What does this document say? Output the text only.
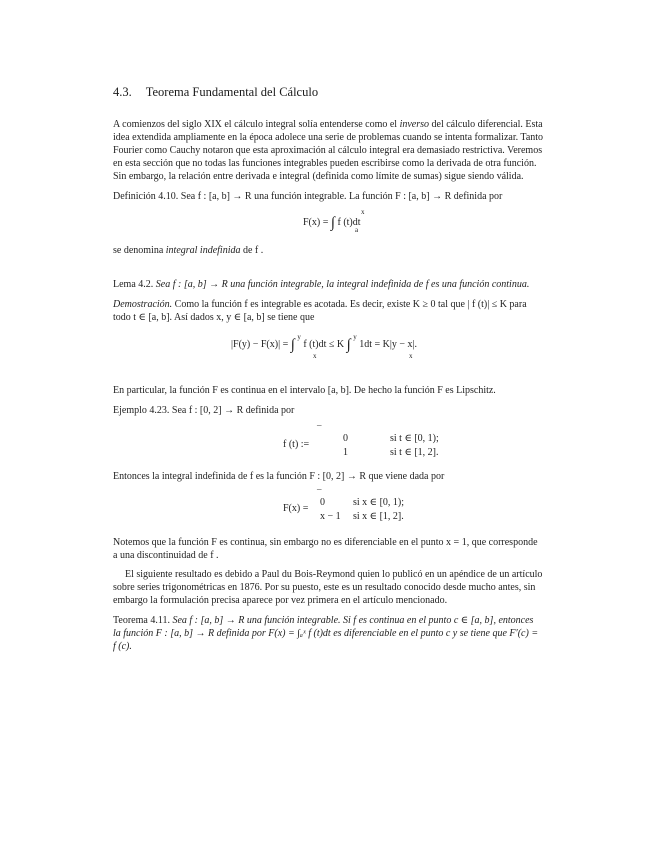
4.3. Teorema Fundamental del Cálculo
A comienzos del siglo XIX el cálculo integral solía entenderse como el inverso del cálculo diferencial. Esta
idea extendida ampliamente en la época adolece una serie de problemas cuando se intenta formalizar. Tanto
Fourier como Cauchy notaron que esta aproximación al cálculo integral era demasiado restrictiva. Veremos
en esta sección que no todas las funciones integrables pueden escribirse como la derivada de otra función.
Sin embargo, la relación entre derivada e integral (definida como límite de sumas) sigue siendo válida.
Definición 4.10. Sea f : [a, b] → R una función integrable. La función F : [a, b] → R definida por
F(x) = ∫
x
a
f (t)dt
se denomina integral indefinida de f .
Lema 4.2. Sea f : [a, b] → R una función integrable, la integral indefinida de f es una función continua.
Demostración. Como la función f es integrable es acotada. Es decir, existe K ≥ 0 tal que | f (t)| ≤ K para
todo t ∈ [a, b]. Así dados x, y ∈ [a, b] se tiene que
|F(y) − F(x)| = ∫ $^y$ f (t)dt ≤ K ∫ $^y$ 1dt = K|y − x|.
x	x
En particular, la función F es continua en el intervalo [a, b]. De hecho la función F es Lipschitz.
Ejemplo 4.23. Sea f : [0, 2] → R definida por
f (t) :=
¯
0	si t ∈ [0, 1);
1	si t ∈ [1, 2].
Entonces la integral indefinida de f es la función F : [0, 2] → R que viene dada por
F(x) =
¯
0	si x ∈ [0, 1);
x − 1 si x ∈ [1, 2].
Notemos que la función F es continua, sin embargo no es diferenciable en el punto x = 1, que corresponde
a una discontinuidad de f .
El siguiente resultado es debido a Paul du Bois-Reymond quien lo publicó en un apéndice de un artículo
sobre series trigonométricas en 1876. Por su puesto, este es un resultado conocido desde mucho antes, sin
embargo la formulación precisa aparece por vez primera en el artículo mencionado.
Teorema 4.11. Sea f : [a, b] → R una función integrable. Si f es continua en el punto c ∈ [a, b], entonces
la función F : [a, b] → R definida por F(x) = ∫ₐˣ f (t)dt es diferenciable en el punto c y se tiene que F′(c) =
f (c).
